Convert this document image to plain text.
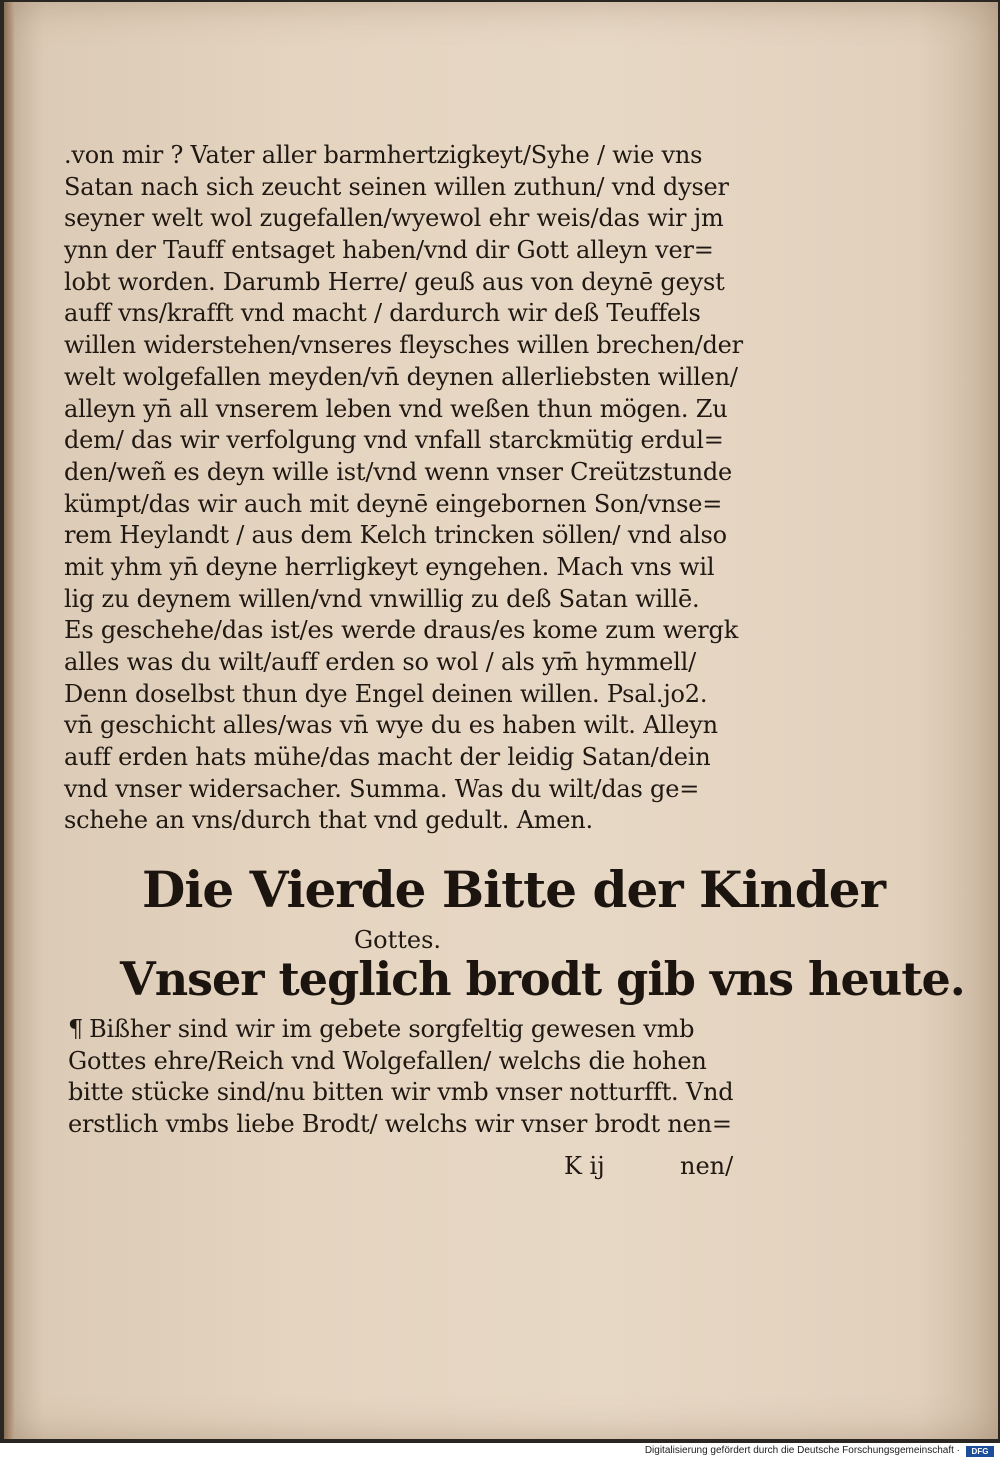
.von mir ? Vater aller barmhertzigkeyt/Syhe / wie vns
Satan nach sich zeucht seinen willen zuthun/ vnd dyser
seyner welt wol zugefallen/wyewol ehr weis/das wir jm
ynn der Tauff entsaget haben/vnd dir Gott alleyn ver=
lobt worden. Darumb Herre/ geuß aus von deynē geyst
auff vns/krafft vnd macht / dardurch wir deß Teuffels
willen widerstehen/vnseres fleysches willen brechen/der
welt wolgefallen meyden/vn̄ deynen allerliebsten willen/
alleyn yn̄ all vnserem leben vnd weßen thun mögen. Zu
dem/ das wir verfolgung vnd vnfall starckmütig erdul=
den/weñ es deyn wille ist/vnd wenn vnser Creützstunde
kümpt/das wir auch mit deynē eingebornen Son/vnse=
rem Heylandt / aus dem Kelch trincken söllen/ vnd also
mit yhm yn̄ deyne herrligkeyt eyngehen. Mach vns wil
lig zu deynem willen/vnd vnwillig zu deß Satan willē.
Es geschehe/das ist/es werde draus/es kome zum wergk
alles was du wilt/auff erden so wol / als ym̄ hymmell/
Denn doselbst thun dye Engel deinen willen. Psal.jo2.
vn̄ geschicht alles/was vn̄ wye du es haben wilt. Alleyn
auff erden hats mühe/das macht der leidig Satan/dein
vnd vnser widersacher. Summa. Was du wilt/das ge=
schehe an vns/durch that vnd gedult. Amen.
Die Vierde Bitte der Kinder
Gottes.
Vnser teglich brodt gib vns heute.
¶ Bißher sind wir im gebete sorgfeltig gewesen vmb
Gottes ehre/Reich vnd Wolgefallen/ welchs die hohen
bitte stücke sind/nu bitten wir vmb vnser notturfft. Vnd
erstlich vmbs liebe Brodt/ welchs wir vnser brodt nen=
K ij	nen/
Digitalisierung gefördert durch die Deutsche Forschungsgemeinschaft ·	DFG
